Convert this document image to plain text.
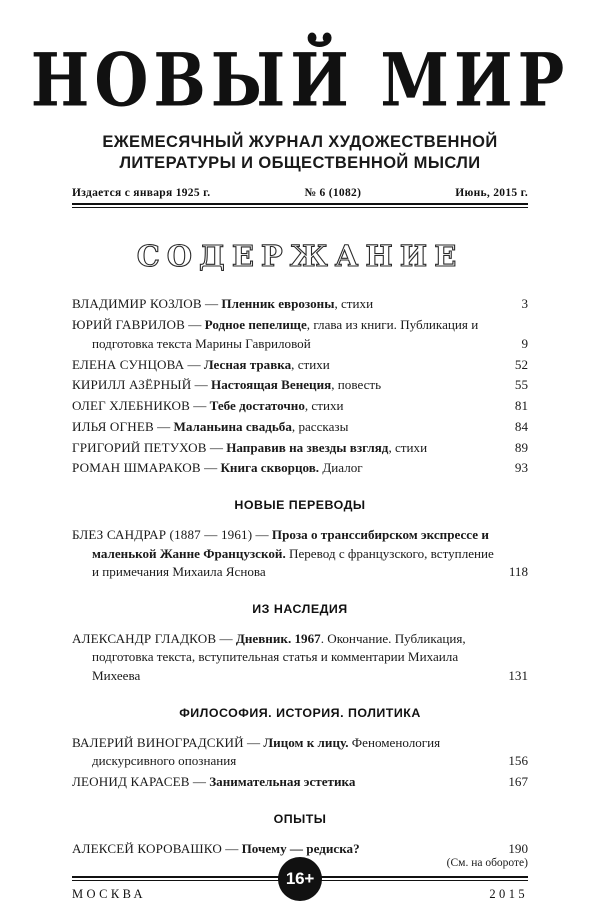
НОВЫЙ МИР
ЕЖЕМЕСЯЧНЫЙ ЖУРНАЛ ХУДОЖЕСТВЕННОЙ
ЛИТЕРАТУРЫ И ОБЩЕСТВЕННОЙ МЫСЛИ
Издается с января 1925 г.	№ 6 (1082)	Июнь, 2015 г.
СОДЕРЖАНИЕ
ВЛАДИМИР КОЗЛОВ — Пленник еврозоны, стихи	3
ЮРИЙ ГАВРИЛОВ — Родное пепелище, глава из книги. Публикация и подготовка текста Марины Гавриловой	9
ЕЛЕНА СУНЦОВА — Лесная травка, стихи	52
КИРИЛЛ АЗЁРНЫЙ — Настоящая Венеция, повесть	55
ОЛЕГ ХЛЕБНИКОВ — Тебе достаточно, стихи	81
ИЛЬЯ ОГНЕВ — Маланьина свадьба, рассказы	84
ГРИГОРИЙ ПЕТУХОВ — Направив на звезды взгляд, стихи	89
РОМАН ШМАРАКОВ — Книга скворцов. Диалог	93
НОВЫЕ ПЕРЕВОДЫ
БЛЕЗ САНДРАР (1887 — 1961) — Проза о транссибирском экспрессе и маленькой Жанне Французской. Перевод с французского, вступление и примечания Михаила Яснова	118
ИЗ НАСЛЕДИЯ
АЛЕКСАНДР ГЛАДКОВ — Дневник. 1967. Окончание. Публикация, подготовка текста, вступительная статья и комментарии Михаила Михеева	131
ФИЛОСОФИЯ. ИСТОРИЯ. ПОЛИТИКА
ВАЛЕРИЙ ВИНОГРАДСКИЙ — Лицом к лицу. Феноменология дискурсивного опознания	156
ЛЕОНИД КАРАСЕВ — Занимательная эстетика	167
ОПЫТЫ
АЛЕКСЕЙ КОРОВАШКО — Почему — редиска?	190
(См. на обороте)
16+
МОСКВА	2015
